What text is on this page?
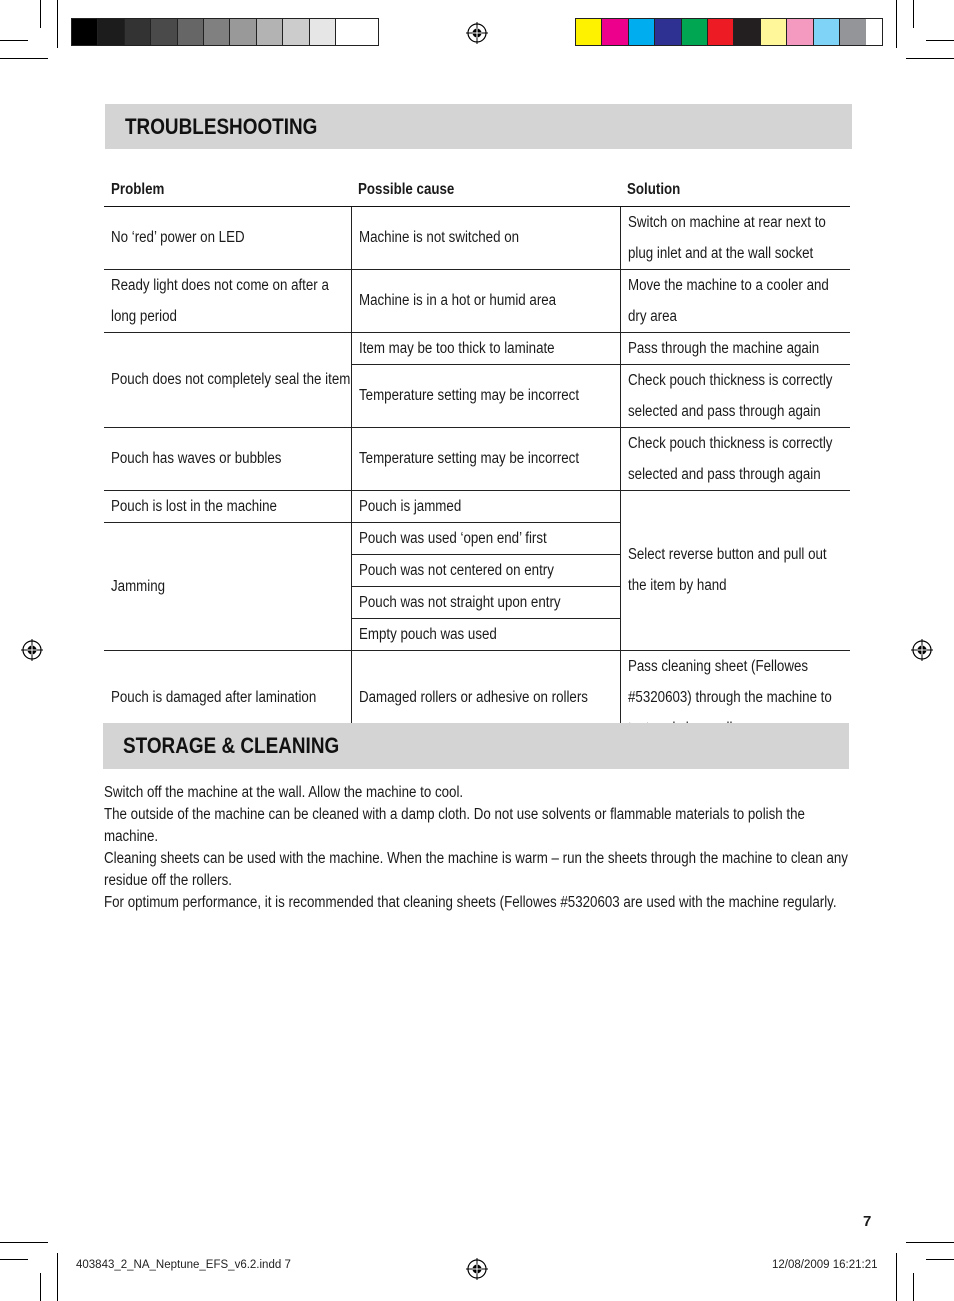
TROUBLESHOOTING
Problem	Possible cause	Solution
No ‘red’ power on LED	Machine is not switched on	Switch on machine at rear next to plug inlet and at the wall socket

Ready light does not come on after a long period	Machine is in a hot or humid area	Move the machine to a cooler and dry area

Pouch does not completely seal the item	Item may be too thick to laminate	Pass through the machine again
	Temperature setting may be incorrect	Check pouch thickness is correctly selected and pass through again

Pouch has waves or bubbles	Temperature setting may be incorrect	Check pouch thickness is correctly selected and pass through again

Pouch is lost in the machine	Pouch is jammed	Select reverse button and pull out the item by hand

Jamming	Pouch was used ‘open end’ first	
	Pouch was not centered on entry	
	Pouch was not straight upon entry	
	Empty pouch was used	
Pouch is damaged after lamination	Damaged rollers or adhesive on rollers	Pass cleaning sheet (Fellowes #5320603) through the machine to
STORAGE & CLEANING

Switch off the machine at the wall. Allow the machine to cool.

The outside of the machine can be cleaned with a damp cloth. Do not use solvents or flammable materials to polish the machine.

Cleaning sheets can be used with the machine. When the machine is warm – run the sheets through the machine to clean any residue off the rollers.

For optimum performance, it is recommended that cleaning sheets (Fellowes #5320603 are used with the machine regularly.

7
403843_2_NA_Neptune_EFS_v6.2.indd 7	12/08/2009 16:21:21
